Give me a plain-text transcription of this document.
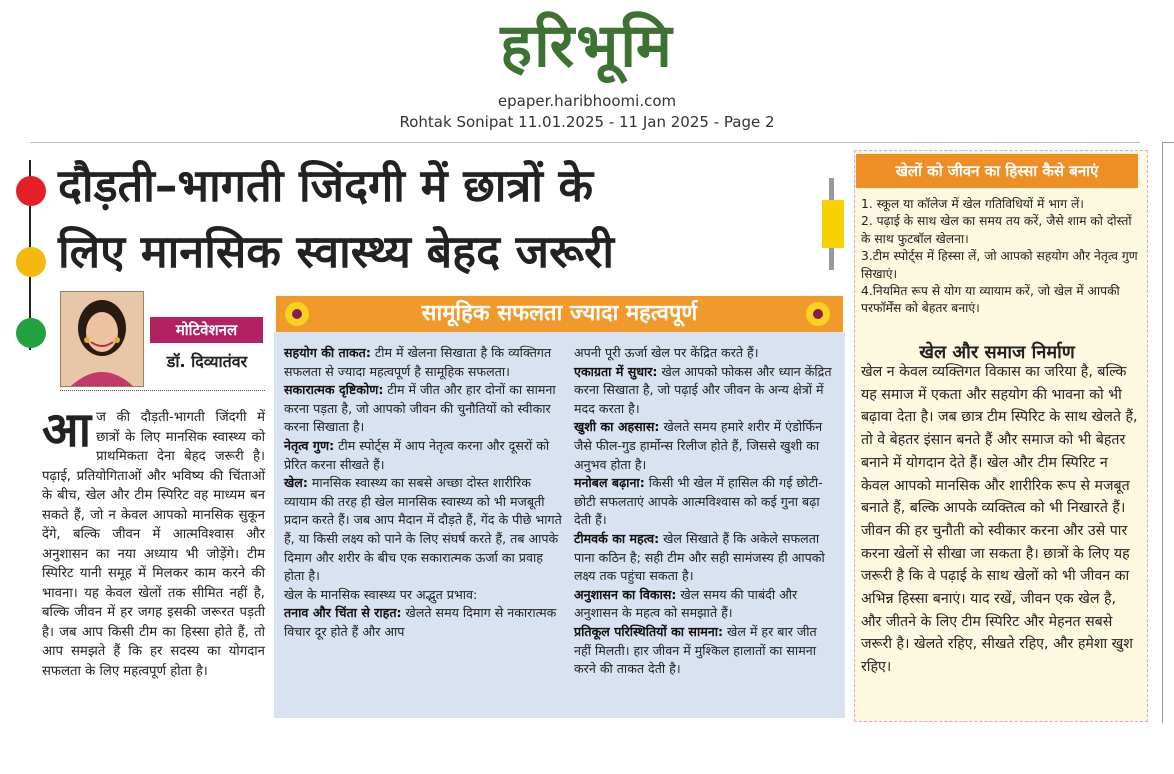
हरिभूमि
epaper.haribhoomi.com
Rohtak Sonipat 11.01.2025 - 11 Jan 2025 - Page 2
दौड़ती–भागती जिंदगी में छात्रों के
लिए मानसिक स्वास्थ्य बेहद जरूरी
मोटिवेशनल
डॉ. दिव्यातंवर
आज की दौड़ती-भागती जिंदगी में छात्रों के लिए मानसिक स्वास्थ्य को प्राथमिकता देना बेहद जरूरी है। पढ़ाई, प्रतियोगिताओं और भविष्य की चिंताओं के बीच, खेल और टीम स्पिरिट वह माध्यम बन सकते हैं, जो न केवल आपको मानसिक सुकून देंगे, बल्कि जीवन में आत्मविश्वास और अनुशासन का नया अध्याय भी जोड़ेंगे। टीम स्पिरिट यानी समूह में मिलकर काम करने की भावना। यह केवल खेलों तक सीमित नहीं है, बल्कि जीवन में हर जगह इसकी जरूरत पड़ती है। जब आप किसी टीम का हिस्सा होते हैं, तो आप समझते हैं कि हर सदस्य का योगदान सफलता के लिए महत्वपूर्ण होता है।
सामूहिक सफलता ज्यादा महत्वपूर्ण

सहयोग की ताकत: टीम में खेलना सिखाता है कि व्यक्तिगत सफलता से ज्यादा महत्वपूर्ण है सामूहिक सफलता।

सकारात्मक दृष्टिकोण: टीम में जीत और हार दोनों का सामना करना पड़ता है, जो आपको जीवन की चुनौतियों को स्वीकार करना सिखाता है।

नेतृत्व गुण: टीम स्पोर्ट्स में आप नेतृत्व करना और दूसरों को प्रेरित करना सीखते हैं।

खेल: मानसिक स्वास्थ्य का सबसे अच्छा दोस्त शारीरिक व्यायाम की तरह ही खेल मानसिक स्वास्थ्य को भी मजबूती प्रदान करते हैं। जब आप मैदान में दौड़ते हैं, गेंद के पीछे भागते हैं, या किसी लक्ष्य को पाने के लिए संघर्ष करते हैं, तब आपके दिमाग और शरीर के बीच एक सकारात्मक ऊर्जा का प्रवाह होता है।

खेल के मानसिक स्वास्थ्य पर अद्भुत प्रभाव:

तनाव और चिंता से राहत: खेलते समय दिमाग से नकारात्मक विचार दूर होते हैं और आप

अपनी पूरी ऊर्जा खेल पर केंद्रित करते हैं।

एकाग्रता में सुधार: खेल आपको फोकस और ध्यान केंद्रित करना सिखाता है, जो पढ़ाई और जीवन के अन्य क्षेत्रों में मदद करता है।

खुशी का अहसास: खेलते समय हमारे शरीर में एंडोर्फिन जैसे फील-गुड हार्मोन्स रिलीज होते हैं, जिससे खुशी का अनुभव होता है।

मनोबल बढ़ाना: किसी भी खेल में हासिल की गई छोटी-छोटी सफलताएं आपके आत्मविश्वास को कई गुना बढ़ा देती हैं।

टीमवर्क का महत्व: खेल सिखाते हैं कि अकेले सफलता पाना कठिन है; सही टीम और सही सामंजस्य ही आपको लक्ष्य तक पहुंचा सकता है।

अनुशासन का विकास: खेल समय की पाबंदी और अनुशासन के महत्व को समझाते हैं।

प्रतिकूल परिस्थितियों का सामना: खेल में हर बार जीत नहीं मिलती। हार जीवन में मुश्किल हालातों का सामना करने की ताकत देती है।

खेलों को जीवन का हिस्सा कैसे बनाएं

1. स्कूल या कॉलेज में खेल गतिविधियों में भाग लें।

2. पढ़ाई के साथ खेल का समय तय करें, जैसे शाम को दोस्तों के साथ फुटबॉल खेलना।

3.टीम स्पोर्ट्स में हिस्सा लें, जो आपको सहयोग और नेतृत्व गुण सिखाएं।

4.नियमित रूप से योग या व्यायाम करें, जो खेल में आपकी परफॉर्मेंस को बेहतर बनाएं।

खेल और समाज निर्माण
खेल न केवल व्यक्तिगत विकास का जरिया है, बल्कि यह समाज में एकता और सहयोग की भावना को भी बढ़ावा देता है। जब छात्र टीम स्पिरिट के साथ खेलते हैं, तो वे बेहतर इंसान बनते हैं और समाज को भी बेहतर बनाने में योगदान देते हैं। खेल और टीम स्पिरिट न केवल आपको मानसिक और शारीरिक रूप से मजबूत बनाते हैं, बल्कि आपके व्यक्तित्व को भी निखारते हैं। जीवन की हर चुनौती को स्वीकार करना और उसे पार करना खेलों से सीखा जा सकता है। छात्रों के लिए यह जरूरी है कि वे पढ़ाई के साथ खेलों को भी जीवन का अभिन्न हिस्सा बनाएं। याद रखें, जीवन एक खेल है, और जीतने के लिए टीम स्पिरिट और मेहनत सबसे जरूरी है। खेलते रहिए, सीखते रहिए, और हमेशा खुश रहिए।
